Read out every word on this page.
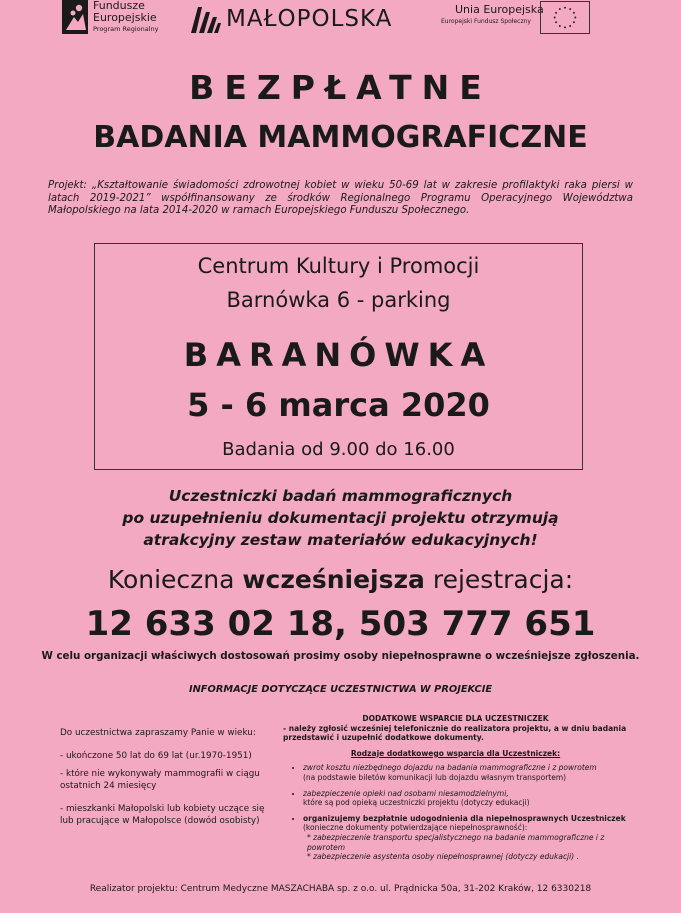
Fundusze
Europejskie
Program Regionalny	MAŁOPOLSKA	Unia Europejska
Europejski Fundusz Społeczny
BEZPŁATNE
BADANIA MAMMOGRAFICZNE
Projekt: „Kształtowanie świadomości zdrowotnej kobiet w wieku 50-69 lat w zakresie profilaktyki raka piersi w latach 2019-2021” współfinansowany ze środków Regionalnego Programu Operacyjnego Województwa Małopolskiego na lata 2014-2020 w ramach Europejskiego Funduszu Społecznego.
Centrum Kultury i Promocji
Barnówka 6 - parking
BARANÓWKA
5 - 6 marca 2020
Badania od 9.00 do 16.00
Uczestniczki badań mammograficznych
po uzupełnieniu dokumentacji projektu otrzymują
atrakcyjny zestaw materiałów edukacyjnych!
Konieczna wcześniejsza rejestracja:
12 633 02 18, 503 777 651
W celu organizacji właściwych dostosowań prosimy osoby niepełnosprawne o wcześniejsze zgłoszenia.
INFORMACJE DOTYCZĄCE UCZESTNICTWA W PROJEKCIE

Do uczestnictwa zapraszamy Panie w wieku:

- ukończone 50 lat do 69 lat (ur.1970-1951)

- które nie wykonywały mammografii w ciągu ostatnich 24 miesięcy

- mieszkanki Małopolski lub kobiety uczące się lub pracujące w Małopolsce (dowód osobisty)

DODATKOWE WSPARCIE DLA UCZESTNICZEK
- należy zgłosić wcześniej telefonicznie do realizatora projektu, a w dniu badania przedstawić i uzupełnić dodatkowe dokumenty.
Rodzaje dodatkowego wsparcia dla Uczestniczek:
• zwrot kosztu niezbędnego dojazdu na badania mammograficzne i z powrotem
(na podstawie biletów komunikacji lub dojazdu własnym transportem)
• zabezpieczenie opieki nad osobami niesamodzielnymi,
które są pod opieką uczestniczki projektu (dotyczy edukacji)
• organizujemy bezpłatnie udogodnienia dla niepełnosprawnych Uczestniczek
(konieczne dokumenty potwierdzające niepełnosprawność):
* zabezpieczenie transportu specjalistycznego na badanie mammograficzne i z powrotem
* zabezpieczenie asystenta osoby niepełnosprawnej (dotyczy edukacji) .
Realizator projektu: Centrum Medyczne MASZACHABA sp. z o.o. ul. Prądnicka 50a, 31-202 Kraków, 12 6330218
